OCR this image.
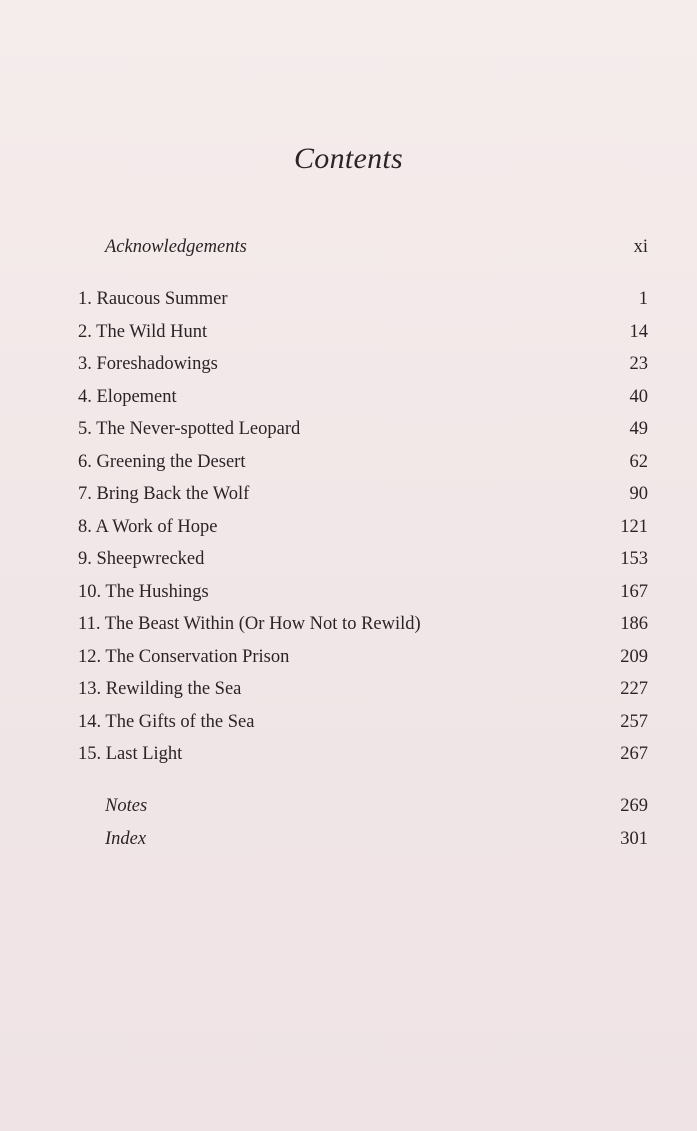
Contents
Acknowledgements	xi
1. Raucous Summer	1
2. The Wild Hunt	14
3. Foreshadowings	23
4. Elopement	40
5. The Never-spotted Leopard	49
6. Greening the Desert	62
7. Bring Back the Wolf	90
8. A Work of Hope	121
9. Sheepwrecked	153
10. The Hushings	167
11. The Beast Within (Or How Not to Rewild)	186
12. The Conservation Prison	209
13. Rewilding the Sea	227
14. The Gifts of the Sea	257
15. Last Light	267
Notes	269
Index	301
